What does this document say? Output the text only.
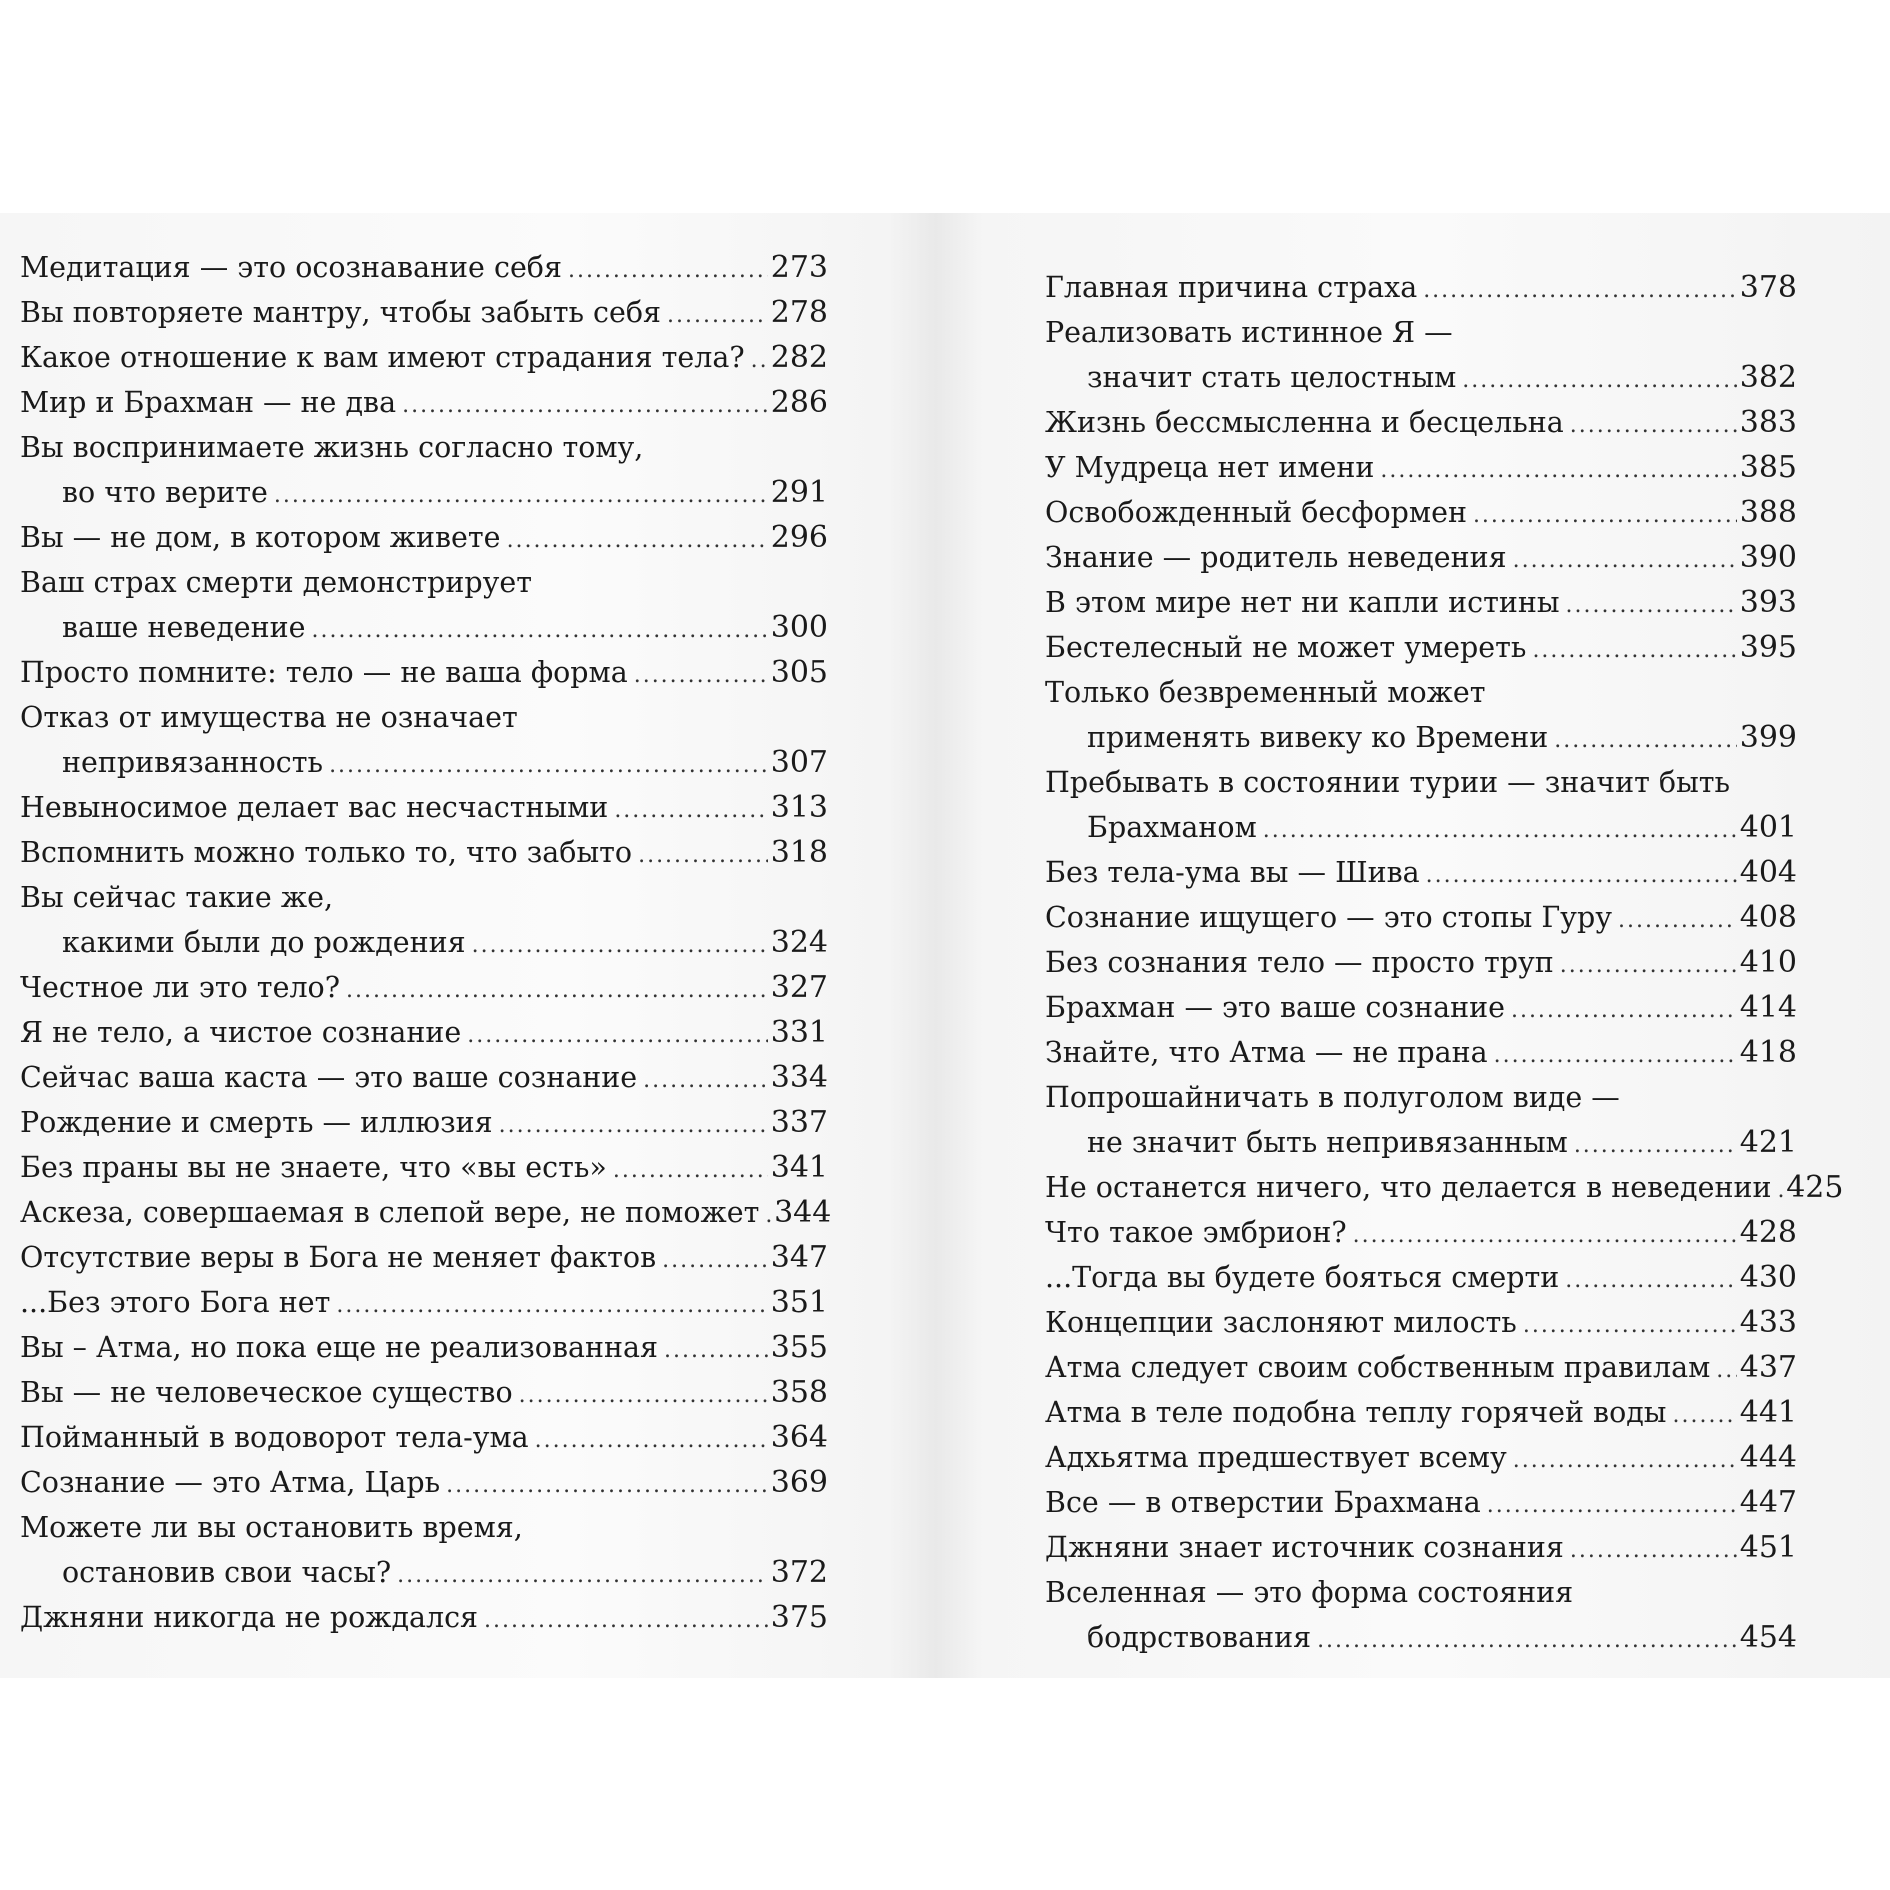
Медитация — это осознавание себя .....	273
Вы повторяете мантру, чтобы забыть себя .....	278
Какое отношение к вам имеют страдания тела? ..... 282
Мир и Брахман — не два .....	286
Вы воспринимаете жизнь согласно тому,
во что верите .....	291
Вы — не дом, в котором живете .....	296
Ваш страх смерти демонстрирует
ваше неведение .....	300
Просто помните: тело — не ваша форма .....	305
Отказ от имущества не означает
непривязанность .....	307
Невыносимое делает вас несчастными .....	313
Вспомнить можно только то, что забыто .....	318
Вы сейчас такие же,
какими были до рождения .....	324
Честное ли это тело? .....	327
Я не тело, а чистое сознание .....	331
Сейчас ваша каста — это ваше сознание .....	334
Рождение и смерть — иллюзия .....	337
Без праны вы не знаете, что «вы есть» .....	341
Аскеза, совершаемая в слепой вере, не поможет ..... 344
Отсутствие веры в Бога не меняет фактов .....	347
...Без этого Бога нет .....	351
Вы – Атма, но пока еще не реализованная .....	355
Вы — не человеческое существо .....	358
Пойманный в водоворот тела-ума .....	364
Сознание — это Атма, Царь .....	369
Можете ли вы остановить время,
остановив свои часы? .....	372
Джняни никогда не рождался .....	375
Главная причина страха .....	378
Реализовать истинное Я —
значит стать целостным .....	382
Жизнь бессмысленна и бесцельна .....	383
У Мудреца нет имени .....	385
Освобожденный бесформен .....	388
Знание — родитель неведения .....	390
В этом мире нет ни капли истины .....	393
Бестелесный не может умереть .....	395
Только безвременный может
применять вивеку ко Времени .....	399
Пребывать в состоянии турии — значит быть
Брахманом .....	401
Без тела-ума вы — Шива .....	404
Сознание ищущего — это стопы Гуру .....	408
Без сознания тело — просто труп .....	410
Брахман — это ваше сознание .....	414
Знайте, что Атма — не прана .....	418
Попрошайничать в полуголом виде —
не значит быть непривязанным .....	421
Не останется ничего, что делается в неведении ..... 425
Что такое эмбрион? .....	428
...Тогда вы будете бояться смерти .....	430
Концепции заслоняют милость .....	433
Атма следует своим собственным правилам ..... 437
Атма в теле подобна теплу горячей воды ..... 441
Адхьятма предшествует всему .....	444
Все — в отверстии Брахмана .....	447
Джняни знает источник сознания .....	451
Вселенная — это форма состояния
бодрствования .....	454
